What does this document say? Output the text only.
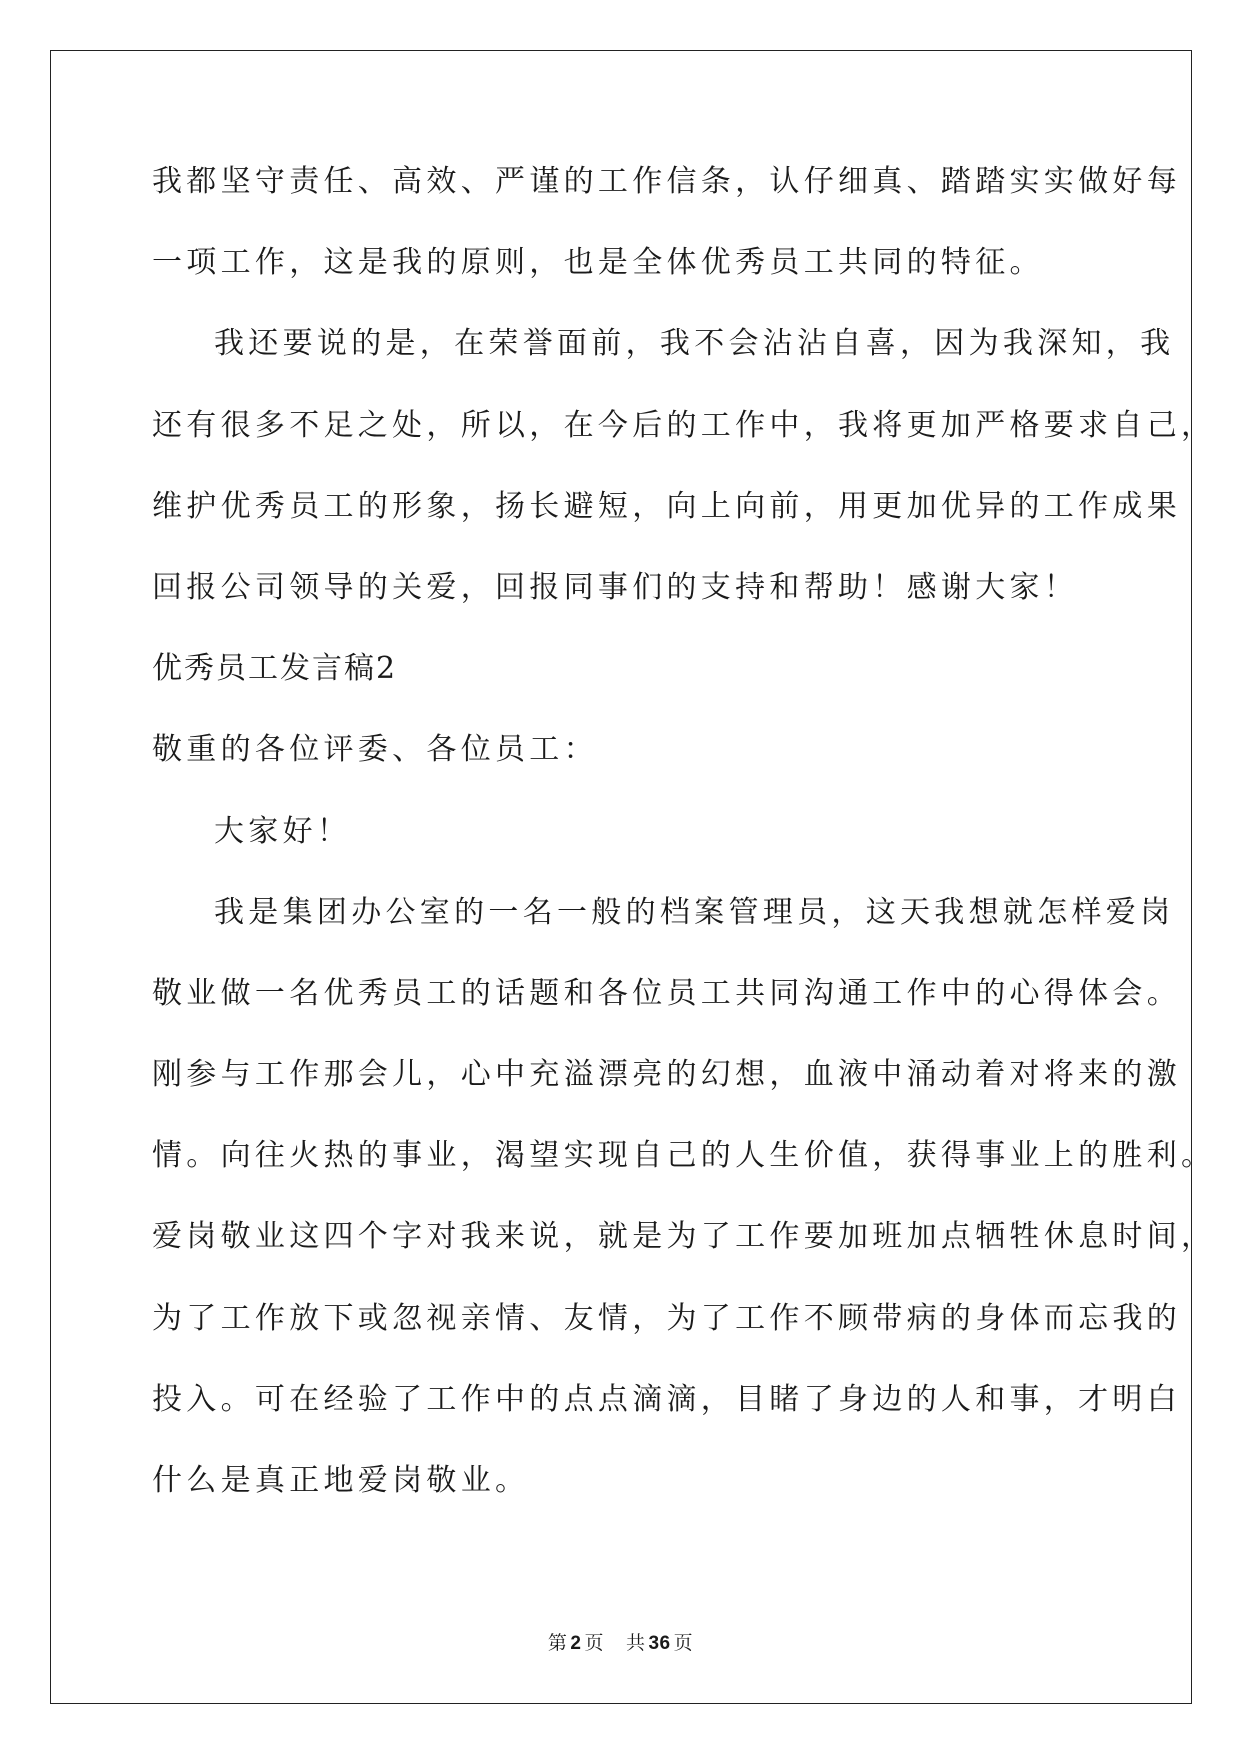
我都坚守责任、高效、严谨的工作信条，认仔细真、踏踏实实做好每
一项工作，这是我的原则，也是全体优秀员工共同的特征。
我还要说的是，在荣誉面前，我不会沾沾自喜，因为我深知，我
还有很多不足之处，所以，在今后的工作中，我将更加严格要求自己，
维护优秀员工的形象，扬长避短，向上向前，用更加优异的工作成果
回报公司领导的关爱，回报同事们的支持和帮助！感谢大家！
优秀员工发言稿2
敬重的各位评委、各位员工：
大家好！
我是集团办公室的一名一般的档案管理员，这天我想就怎样爱岗
敬业做一名优秀员工的话题和各位员工共同沟通工作中的心得体会。
刚参与工作那会儿，心中充溢漂亮的幻想，血液中涌动着对将来的激
情。向往火热的事业，渴望实现自己的人生价值，获得事业上的胜利。
爱岗敬业这四个字对我来说，就是为了工作要加班加点牺牲休息时间，
为了工作放下或忽视亲情、友情，为了工作不顾带病的身体而忘我的
投入。可在经验了工作中的点点滴滴，目睹了身边的人和事，才明白
什么是真正地爱岗敬业。
第 2 页 共 36 页
